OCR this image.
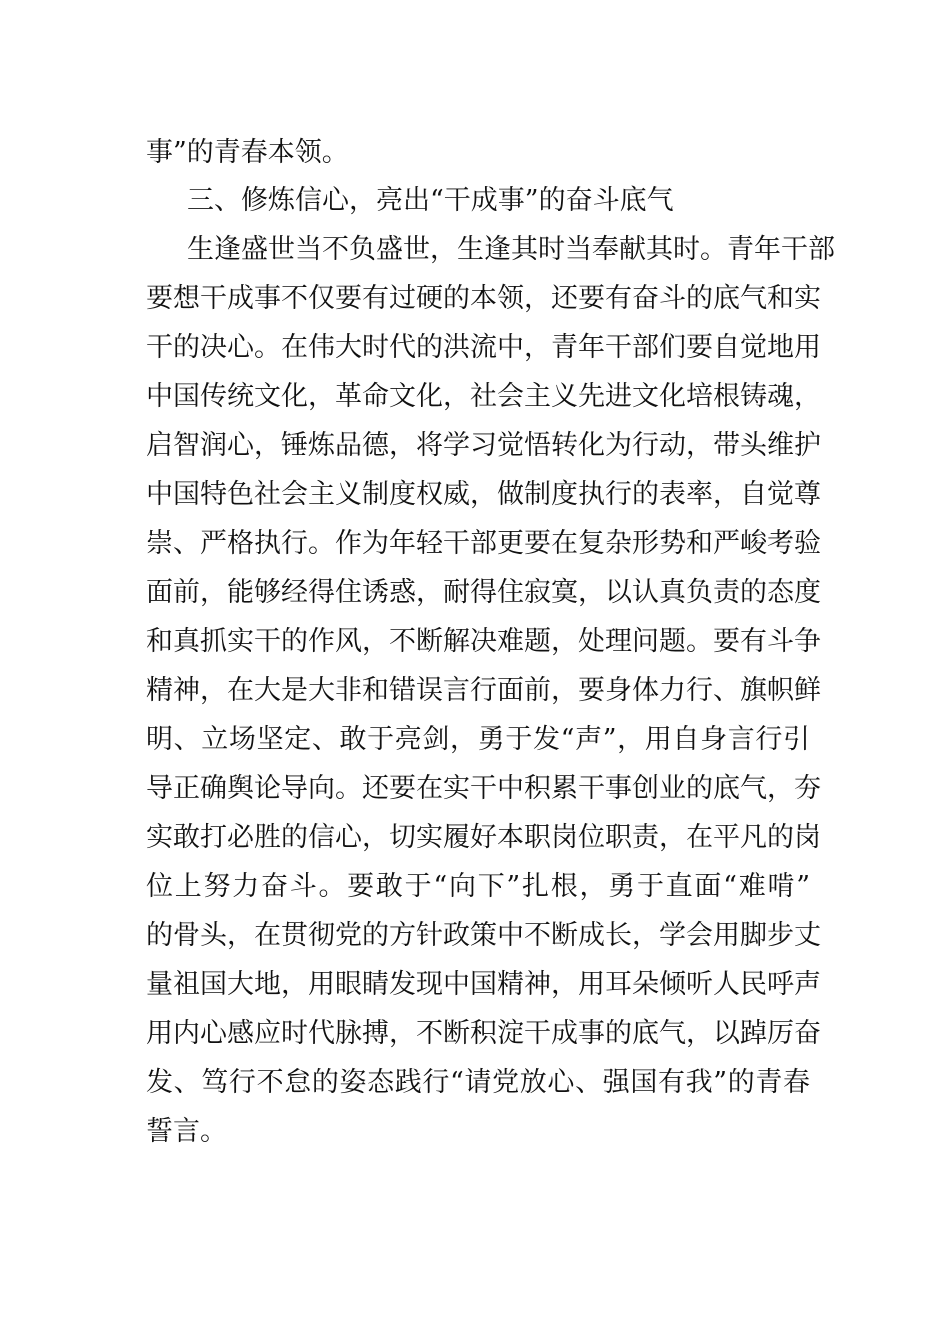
事”的青春本领。
三、修炼信心，亮出“干成事”的奋斗底气
生逢盛世当不负盛世，生逢其时当奉献其时。青年干部
要想干成事不仅要有过硬的本领，还要有奋斗的底气和实
干的决心。在伟大时代的洪流中，青年干部们要自觉地用
中国传统文化，革命文化，社会主义先进文化培根铸魂，
启智润心，锤炼品德，将学习觉悟转化为行动，带头维护
中国特色社会主义制度权威，做制度执行的表率，自觉尊
崇、严格执行。作为年轻干部更要在复杂形势和严峻考验
面前，能够经得住诱惑，耐得住寂寞，以认真负责的态度
和真抓实干的作风，不断解决难题，处理问题。要有斗争
精神，在大是大非和错误言行面前，要身体力行、旗帜鲜
明、立场坚定、敢于亮剑，勇于发“声”，用自身言行引
导正确舆论导向。还要在实干中积累干事创业的底气，夯
实敢打必胜的信心，切实履好本职岗位职责，在平凡的岗
位上努力奋斗。要敢于“向下”扎根，勇于直面“难啃”
的骨头，在贯彻党的方针政策中不断成长，学会用脚步丈
量祖国大地，用眼睛发现中国精神，用耳朵倾听人民呼声
用内心感应时代脉搏，不断积淀干成事的底气，以踔厉奋
发、笃行不怠的姿态践行“请党放心、强国有我”的青春
誓言。
